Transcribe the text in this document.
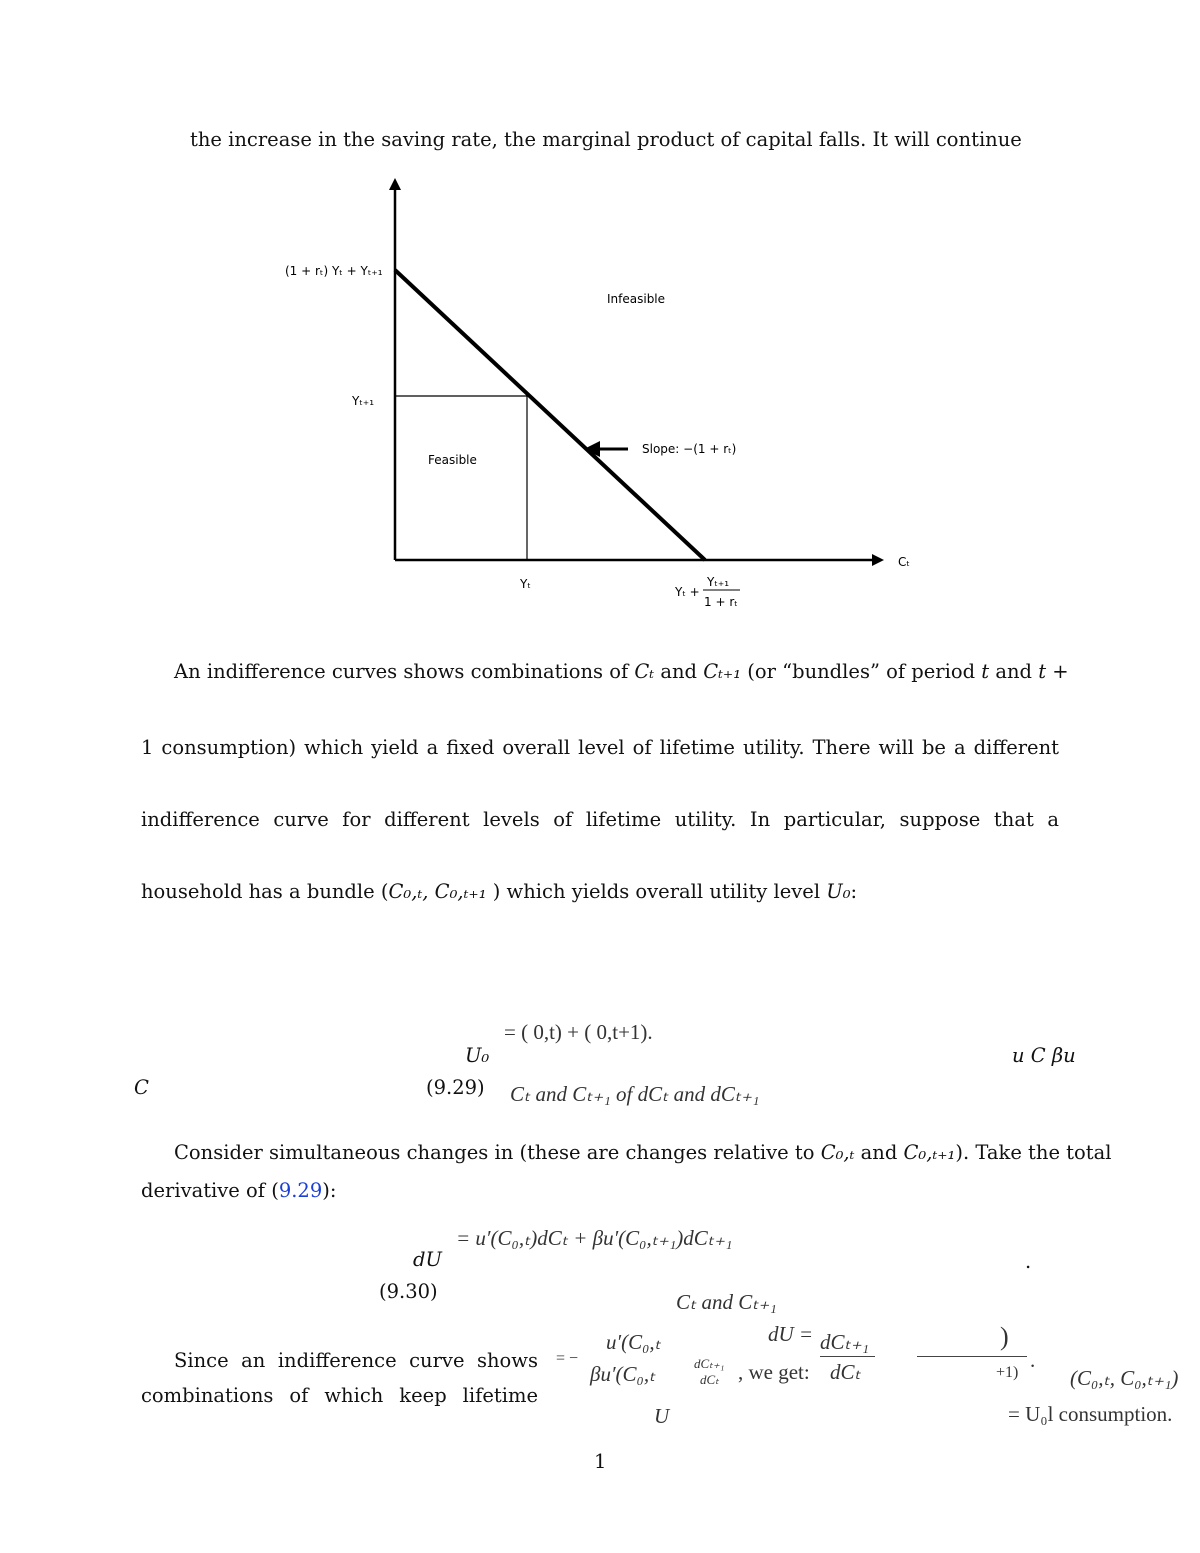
the increase in the saving rate, the marginal product of capital falls. It will continue
(1 + rₜ) Yₜ + Yₜ₊₁
Yₜ₊₁
Infeasible
Feasible
Slope: −(1 + rₜ)
Cₜ
Yₜ
Yₜ +
Yₜ₊₁
1 + rₜ
An indifference curves shows combinations of Cₜ and Cₜ₊₁ (or “bundles” of period t and t +
1 consumption) which yield a fixed overall level of lifetime utility. There will be a different
indifference curve for different levels of lifetime utility. In particular, suppose that a
household has a bundle (C₀,ₜ, C₀,ₜ₊₁ ) which yields overall utility level U₀:
= ( 0,t) + ( 0,t+1).
U₀	u C βu
C	(9.29) Cₜ and Cₜ₊₁ of dCₜ and dCₜ₊₁
Consider simultaneous changes in (these are changes relative to C₀,ₜ and C₀,ₜ₊₁). Take the total
derivative of (9.29):
= u′(C₀,ₜ)dCₜ + βu′(C₀,ₜ₊₁)dCₜ₊₁
dU
(9.30)
.
Cₜ and Cₜ₊₁
Since an indifference curve shows
combinations of which keep lifetime
u′(C₀,ₜ
= −
βu′(C₀,ₜ
dU = dCₜ₊₁
dCₜ₊₁
dCₜ , we get: dCₜ
)
+1)
.
(C₀,ₜ, C₀,ₜ₊₁)
U	= U₀l consumption.
1
